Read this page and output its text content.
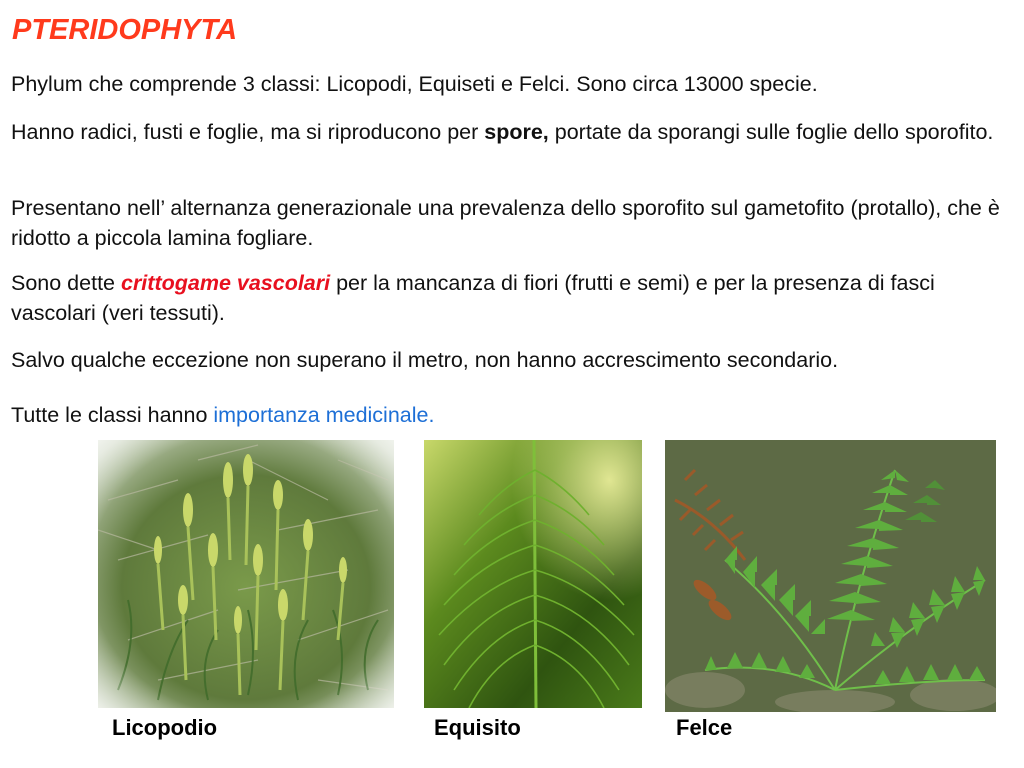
PTERIDOPHYTA

Phylum che comprende 3 classi: Licopodi, Equiseti e Felci. Sono circa 13000 specie.

Hanno radici, fusti e foglie, ma si riproducono per spore, portate da sporangi sulle foglie dello sporofito.

Presentano nell’ alternanza generazionale una prevalenza dello sporofito sul gametofito (protallo), che è ridotto a piccola lamina fogliare.

Sono dette crittogame vascolari per la mancanza di fiori (frutti e semi) e per la presenza di fasci vascolari (veri tessuti).

Salvo qualche eccezione non superano il metro, non hanno accrescimento secondario.

Tutte le classi hanno importanza medicinale.

Licopodio	Equisito	Felce
